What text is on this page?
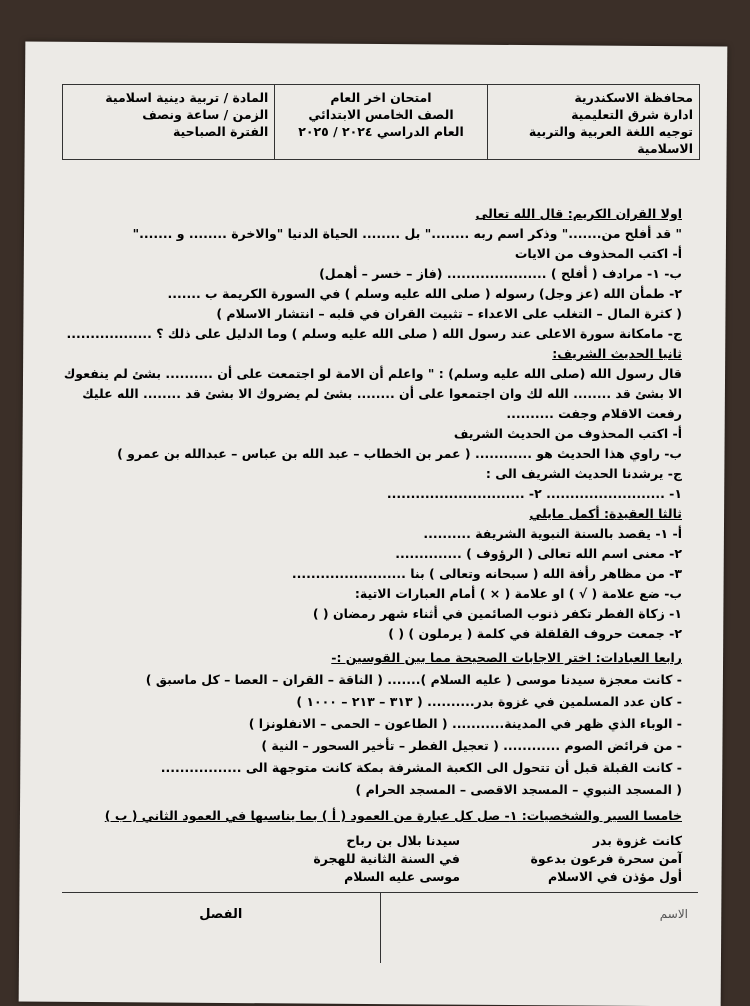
محافظة الاسكندرية
ادارة شرق التعليمية
توجيه اللغة العربية والتربية الاسلامية
امتحان اخر العام
الصف الخامس الابتدائي
العام الدراسي ٢٠٢٤ / ٢٠٢٥
المادة / تربية دينية اسلامية
الزمن / ساعة ونصف
الفترة الصباحية
اولا القران الكريم: قال الله تعالى
" قد أفلح من......." وذكر اسم ربه ........" بل ........ الحياة الدنيا "والاخرة ........ و ......."
أ- اكتب المحذوف من الايات
ب- ١- مرادف ( أفلح ) ..................... (فاز – خسر – أهمل)
٢- طمأن الله (عز وجل) رسوله ( صلى الله عليه وسلم ) في السورة الكريمة ب .......
( كثرة المال – التغلب على الاعداء – تثبيت القران في قلبه – انتشار الاسلام )
ج- مامكانة سورة الاعلى عند رسول الله ( صلى الله عليه وسلم ) وما الدليل على ذلك ؟ ..................
ثانيا الحديث الشريف:
قال رسول الله (صلى الله عليه وسلم) : " واعلم أن الامة لو اجتمعت على أن .......... بشئ لم ينفعوك
الا بشئ قد ........ الله لك وان اجتمعوا على أن ........ بشئ لم يضروك الا بشئ قد ........ الله عليك
رفعت الاقلام وجفت ..........
أ- اكتب المحذوف من الحديث الشريف
ب- راوي هذا الحديث هو ............ ( عمر بن الخطاب – عبد الله بن عباس – عبدالله بن عمرو )
ج- يرشدنا الحديث الشريف الى :
١- ......................... ٢- .............................
ثالثا العقيدة: أكمل مايلي
أ- ١- يقصد بالسنة النبوية الشريفة ..........
٢- معنى اسم الله تعالى ( الرؤوف ) ..............
٣- من مظاهر رأفة الله ( سبحانه وتعالى ) بنا ........................
ب- ضع علامة ( √ ) او علامة ( × ) أمام العبارات الاتية:
١- زكاة الفطر تكفر ذنوب الصائمين في أثناء شهر رمضان ( )
٢- جمعت حروف القلقلة في كلمة ( يرملون ) ( )
رابعا العبادات: اختر الاجابات الصحيحة مما بين القوسين :-
- كانت معجزة سيدنا موسى ( عليه السلام )....... ( الناقة – القران – العصا – كل ماسبق )
- كان عدد المسلمين في غزوة بدر.......... ( ٣١٣ – ٢١٣ – ١٠٠٠ )
- الوباء الذي ظهر في المدينة........... ( الطاعون – الحمى – الانفلونزا )
- من فرائض الصوم ............ ( تعجيل الفطر – تأخير السحور – النية )
- كانت القبلة قبل أن تتحول الى الكعبة المشرفة بمكة كانت متوجهة الى .................
( المسجد النبوي – المسجد الاقصى – المسجد الحرام )
خامسا السير والشخصيات: ١- صل كل عبارة من العمود ( أ ) بما يناسبها في العمود الثاني ( ب )
كانت غزوة بدر
آمن سحرة فرعون بدعوة
أول مؤذن في الاسلام
سيدنا بلال بن رباح
في السنة الثانية للهجرة
موسى عليه السلام
الاسم
الفصل
